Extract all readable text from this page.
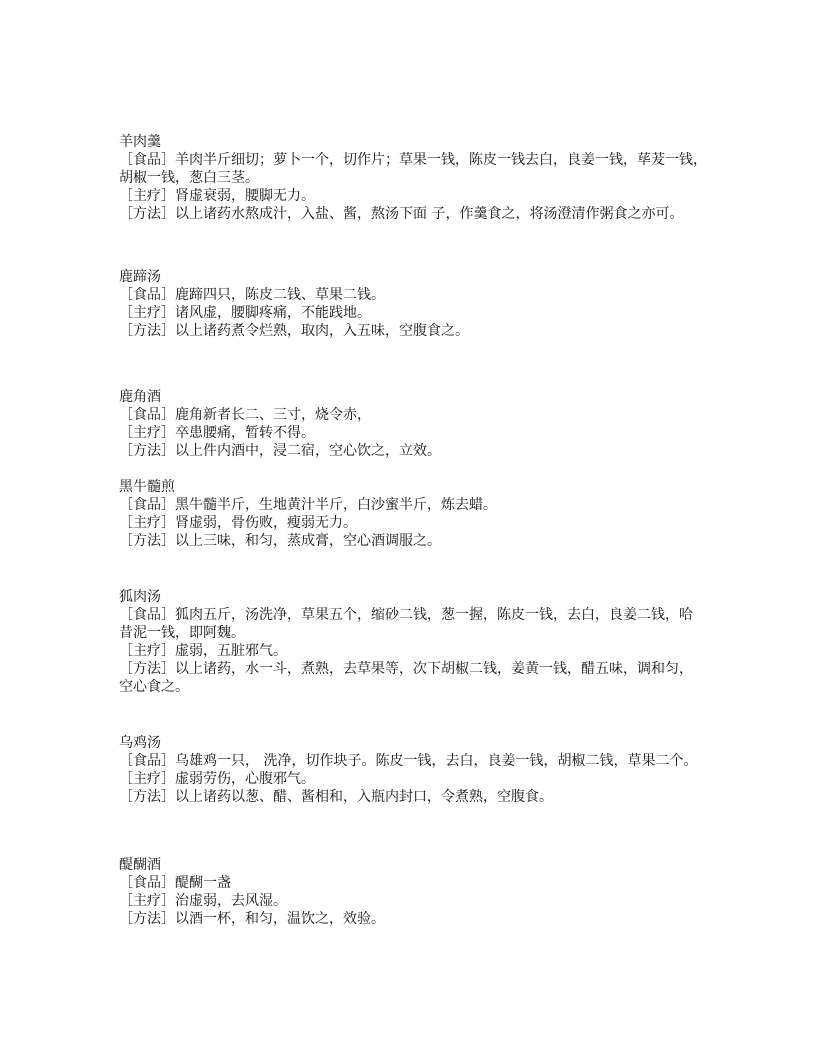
羊肉羹
［食品］羊肉半斤细切；萝卜一个，切作片；草果一钱，陈皮一钱去白，良姜一钱，荜茇一钱，
胡椒一钱，葱白三茎。
［主疗］肾虚衰弱，腰脚无力。
［方法］以上诸药水熬成汁，入盐、酱，熬汤下面 子，作羹食之，将汤澄清作粥食之亦可。
鹿蹄汤
［食品］鹿蹄四只，陈皮二钱、草果二钱。
［主疗］诸风虚，腰脚疼痛，不能践地。
［方法］以上诸药煮令烂熟，取肉，入五味，空腹食之。
鹿角酒
［食品］鹿角新者长二、三寸，烧令赤，
［主疗］卒患腰痛，暂转不得。
［方法］以上件内酒中，浸二宿，空心饮之，立效。
黑牛髓煎
［食品］黑牛髓半斤，生地黄汁半斤，白沙蜜半斤，炼去蜡。
［主疗］肾虚弱，骨伤败，瘦弱无力。
［方法］以上三味，和匀，蒸成膏，空心酒调服之。
狐肉汤
［食品］狐肉五斤，汤洗净，草果五个，缩砂二钱，葱一握，陈皮一钱，去白，良姜二钱，哈
昔泥一钱，即阿魏。
［主疗］虚弱，五脏邪气。
［方法］以上诸药，水一斗，煮熟，去草果等，次下胡椒二钱，姜黄一钱，醋五味，调和匀，
空心食之。
乌鸡汤
［食品］乌雄鸡一只， 洗净，切作块子。陈皮一钱，去白，良姜一钱，胡椒二钱，草果二个。
［主疗］虚弱劳伤，心腹邪气。
［方法］以上诸药以葱、醋、酱相和，入瓶内封口，令煮熟，空腹食。
醍醐酒
［食品］醍醐一盏
［主疗］治虚弱，去风湿。
［方法］以酒一杯，和匀，温饮之，效验。
